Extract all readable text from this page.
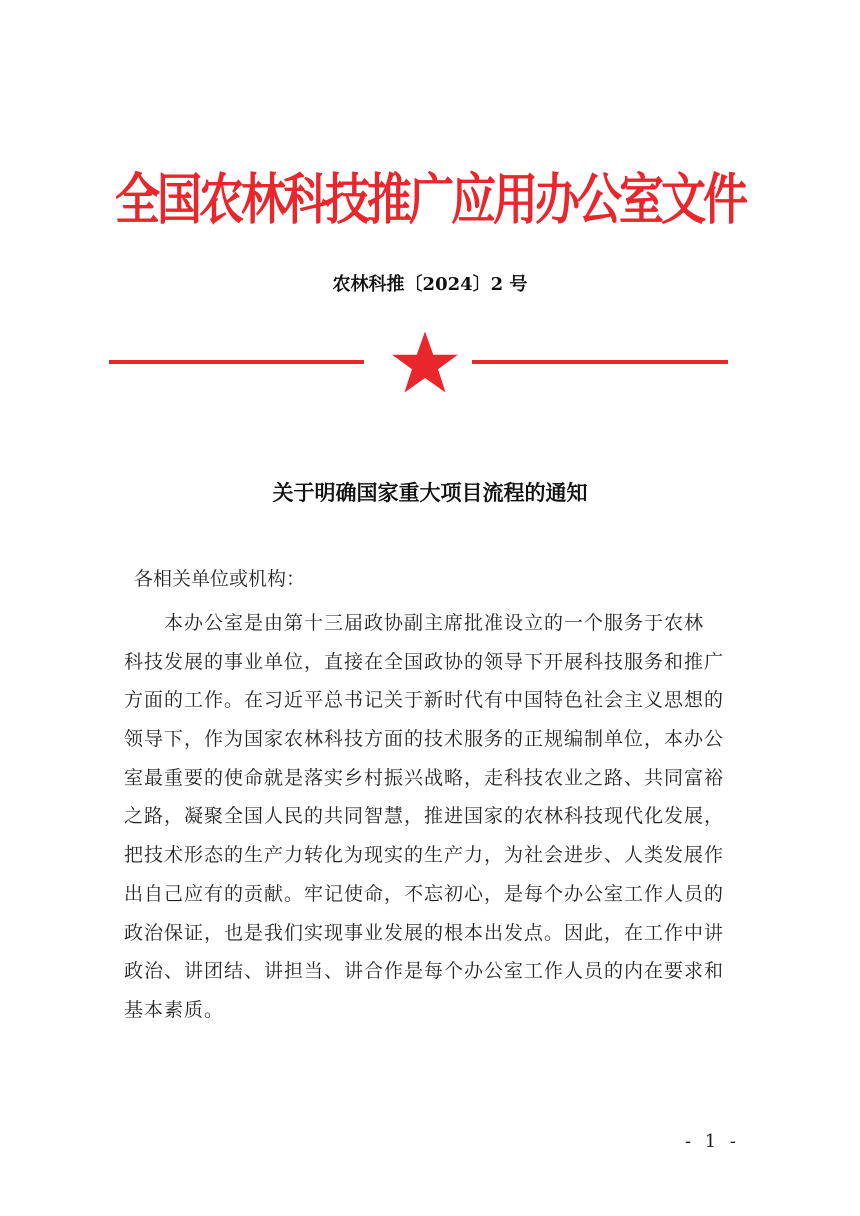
全国农林科技推广应用办公室文件
农林科推〔2024〕2 号
关于明确国家重大项目流程的通知
各相关单位或机构：
　　本办公室是由第十三届政协副主席批准设立的一个服务于农林
科技发展的事业单位，直接在全国政协的领导下开展科技服务和推广
方面的工作。在习近平总书记关于新时代有中国特色社会主义思想的
领导下，作为国家农林科技方面的技术服务的正规编制单位，本办公
室最重要的使命就是落实乡村振兴战略，走科技农业之路、共同富裕
之路，凝聚全国人民的共同智慧，推进国家的农林科技现代化发展，
把技术形态的生产力转化为现实的生产力，为社会进步、人类发展作
出自己应有的贡献。牢记使命，不忘初心，是每个办公室工作人员的
政治保证，也是我们实现事业发展的根本出发点。因此，在工作中讲
政治、讲团结、讲担当、讲合作是每个办公室工作人员的内在要求和
基本素质。
- 1 -
